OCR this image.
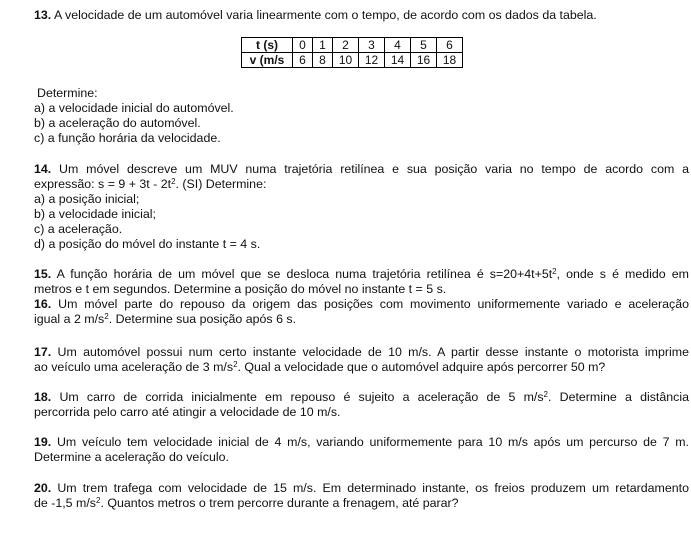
13. A velocidade de um automóvel varia linearmente com o tempo, de acordo com os dados da tabela.

t (s)	0	1	2	3	4	5	6
v (m/s	6	8	10	12	14	16	18

Determine:

a) a velocidade inicial do automóvel.

b) a aceleração do automóvel.

c) a função horária da velocidade.

14. Um móvel descreve um MUV numa trajetória retilínea e sua posição varia no tempo de acordo com a

expressão: $s = 9 + 3t - 2t^2$. (SI) Determine:

a) a posição inicial;

b) a velocidade inicial;

c) a aceleração.

d) a posição do móvel do instante t = 4 s.

15. A função horária de um móvel que se desloca numa trajetória retilínea é $s=20+4t+5t^2$, onde s é medido em

metros e t em segundos. Determine a posição do móvel no instante t = 5 s.

16. Um móvel parte do repouso da origem das posições com movimento uniformemente variado e aceleração

igual a 2 $m/s^2$. Determine sua posição após 6 s.

17. Um automóvel possui num certo instante velocidade de 10 m/s. A partir desse instante o motorista imprime

ao veículo uma aceleração de 3 $m/s^2$. Qual a velocidade que o automóvel adquire após percorrer 50 m?

18. Um carro de corrida inicialmente em repouso é sujeito a aceleração de 5 $m/s^2$. Determine a distância

percorrida pelo carro até atingir a velocidade de 10 m/s.

19. Um veículo tem velocidade inicial de 4 m/s, variando uniformemente para 10 m/s após um percurso de 7 m.

Determine a aceleração do veículo.

20. Um trem trafega com velocidade de 15 m/s. Em determinado instante, os freios produzem um retardamento

de -1,5 $m/s^2$. Quantos metros o trem percorre durante a frenagem, até parar?
